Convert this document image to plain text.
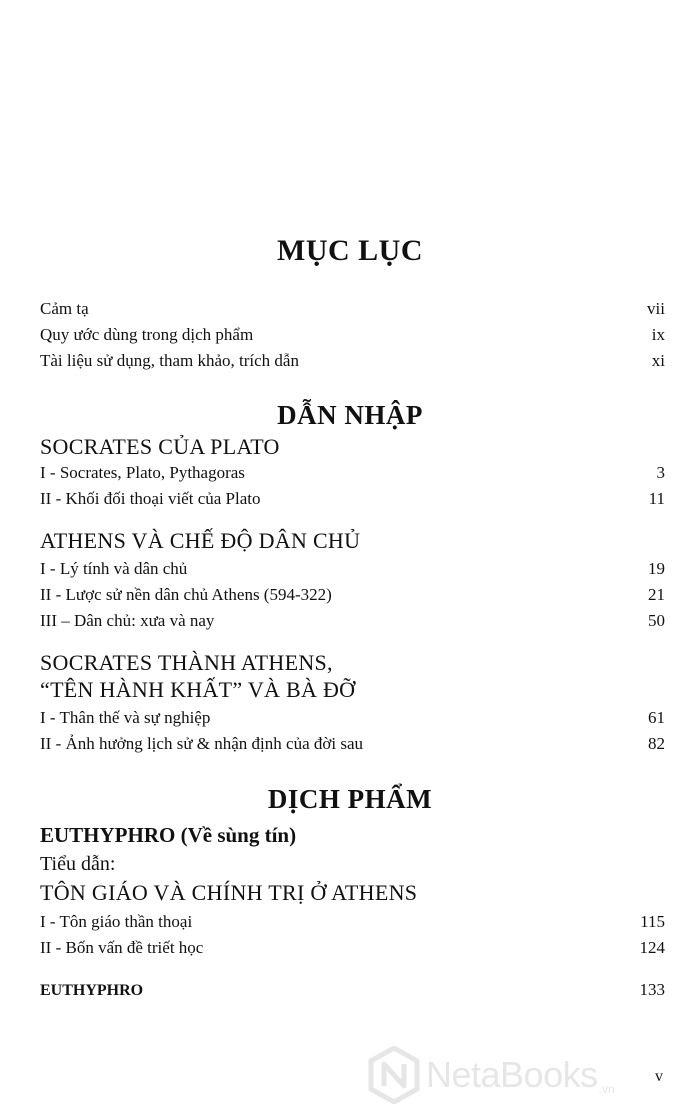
MỤC LỤC
Cảm tạ	vii
Quy ước dùng trong dịch phẩm	ix
Tài liệu sử dụng, tham khảo, trích dẫn	xi
DẪN NHẬP
SOCRATES CỦA PLATO
I - Socrates, Plato, Pythagoras	3
II - Khối đối thoại viết của Plato	11
ATHENS VÀ CHẾ ĐỘ DÂN CHỦ
I - Lý tính và dân chủ	19
II - Lược sử nền dân chủ Athens (594-322)	21
III – Dân chủ: xưa và nay	50
SOCRATES THÀNH ATHENS,
“TÊN HÀNH KHẤT” VÀ BÀ ĐỠ
I - Thân thế và sự nghiệp	61
II - Ảnh hưởng lịch sử & nhận định của đời sau	82
DỊCH PHẨM
EUTHYPHRO (Về sùng tín)
Tiểu dẫn:
TÔN GIÁO VÀ CHÍNH TRỊ Ở ATHENS
I - Tôn giáo thần thoại	115
II - Bốn vấn đề triết học	124
EUTHYPHRO	133
NetaBooks .vn
v
